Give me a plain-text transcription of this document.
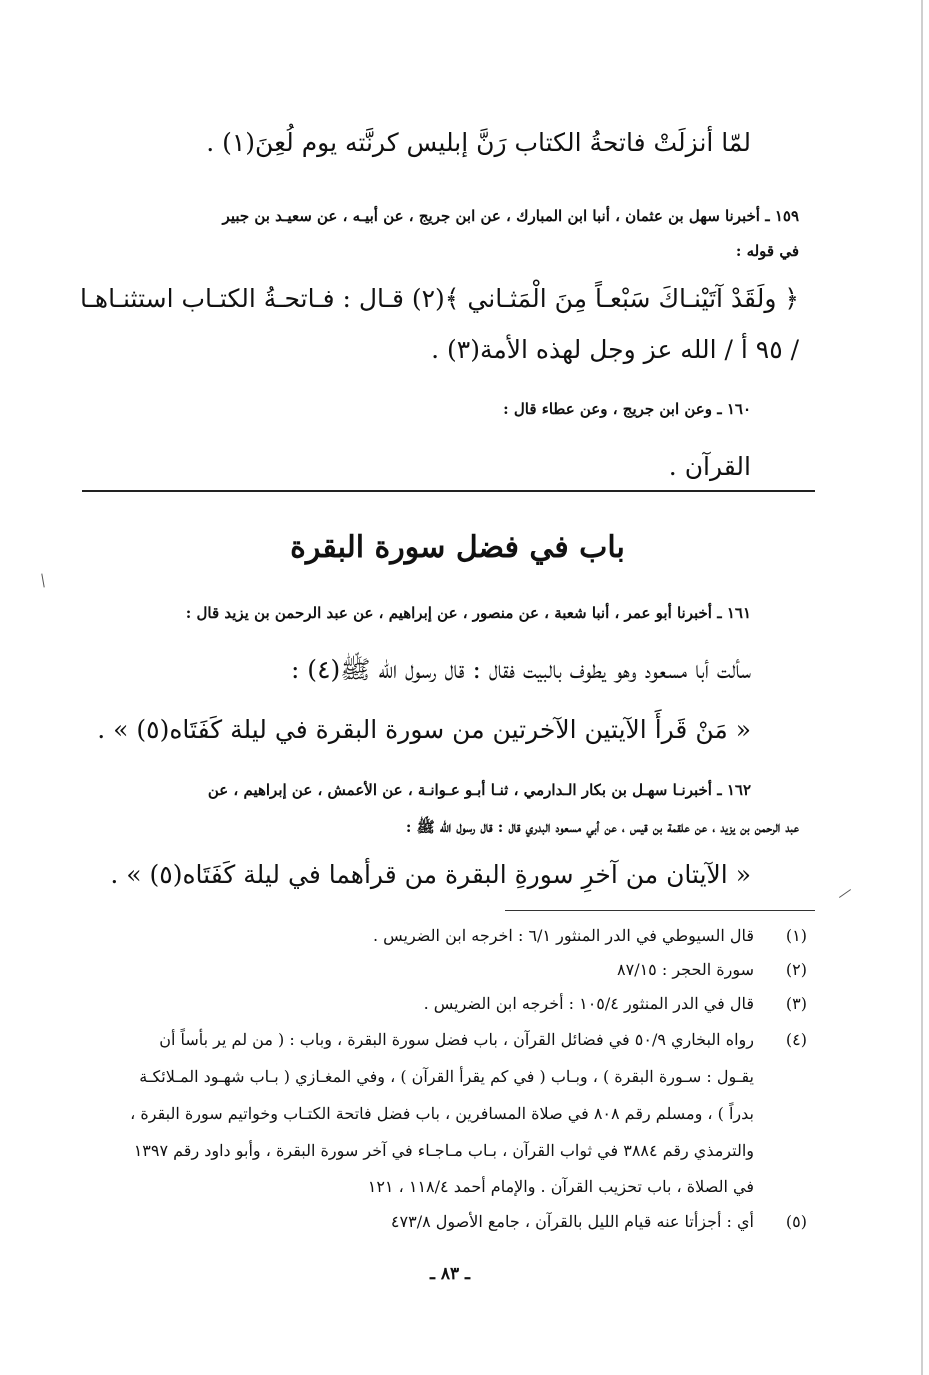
لمّا أنزلَتْ فاتحةُ الكتاب رَنَّ إبليس كرنَّته يوم لُعِنَ(١) .

١٥٩ ـ أخبرنا سهل بن عثمان ، أنبا ابن المبارك ، عن ابن جريج ، عن أبيـه ، عن سعيـد بن جبير

في قوله :

﴿ ولَقَدْ آتَيْنـاكَ سَبْعـاً مِنَ الْمَثـاني ﴾(٢) قـال : فـاتحـةُ الكتـاب استثنـاهـا

/ ٩٥ أ / الله عز وجل لهذه الأمة(٣) .

١٦٠ ـ وعن ابن جريج ، وعن عطاء قال :

القرآن .

باب في فضل سورة البقرة

١٦١ ـ أخبرنا أبو عمر ، أنبا شعبة ، عن منصور ، عن إبراهيم ، عن عبد الرحمن بن يزيد قال :

سألت أبا مسعود وهو يطوف بالبيت فقال : قال رسول الله ﷺ(٤) :

« مَنْ قَرأَ الآيتين الآخرتين من سورة البقرة في ليلة كَفَتَاه(٥) » .

١٦٢ ـ أخبرنـا سهـل بن بكار الـدارمي ، ثنـا أبـو عـوانـة ، عن الأعمش ، عن إبراهيم ، عن

عبد الرحمن بن يزيد ، عن علقمة بن قيس ، عن أبي مسعود البدري قال : قال رسول الله ﷺ :

« الآيتان من آخرِ سورةِ البقرة من قرأهما في ليلة كَفَتَاه(٥) » .

(١)

قال السيوطي في الدر المنثور ٦/١ : اخرجه ابن الضريس .

(٢)

سورة الحجر : ٨٧/١٥

(٣)

قال في الدر المنثور ١٠٥/٤ : أخرجه ابن الضريس .

(٤)

رواه البخاري ٥٠/٩ في فضائل القرآن ، باب فضل سورة البقرة ، وباب : ( من لم ير بأساً أن

يقـول : سـورة البقرة ) ، وبـاب ( في كم يقرأ القرآن ) ، وفي المغـازي ( بـاب شهـود المـلائكـة

بدراً ) ، ومسلم رقم ٨٠٨ في صلاة المسافرين ، باب فضل فاتحة الكتـاب وخواتيم سورة البقرة ،

والترمذي رقم ٣٨٨٤ في ثواب القرآن ، بـاب مـاجـاء في آخر سورة البقرة ، وأبو داود رقم ١٣٩٧

في الصلاة ، باب تحزيب القرآن . والإمام أحمد ١١٨/٤ ، ١٢١

(٥)

أي : أجزأتا عنه قيام الليل بالقرآن ، جامع الأصول ٤٧٣/٨

ـ ٨٣ ـ
